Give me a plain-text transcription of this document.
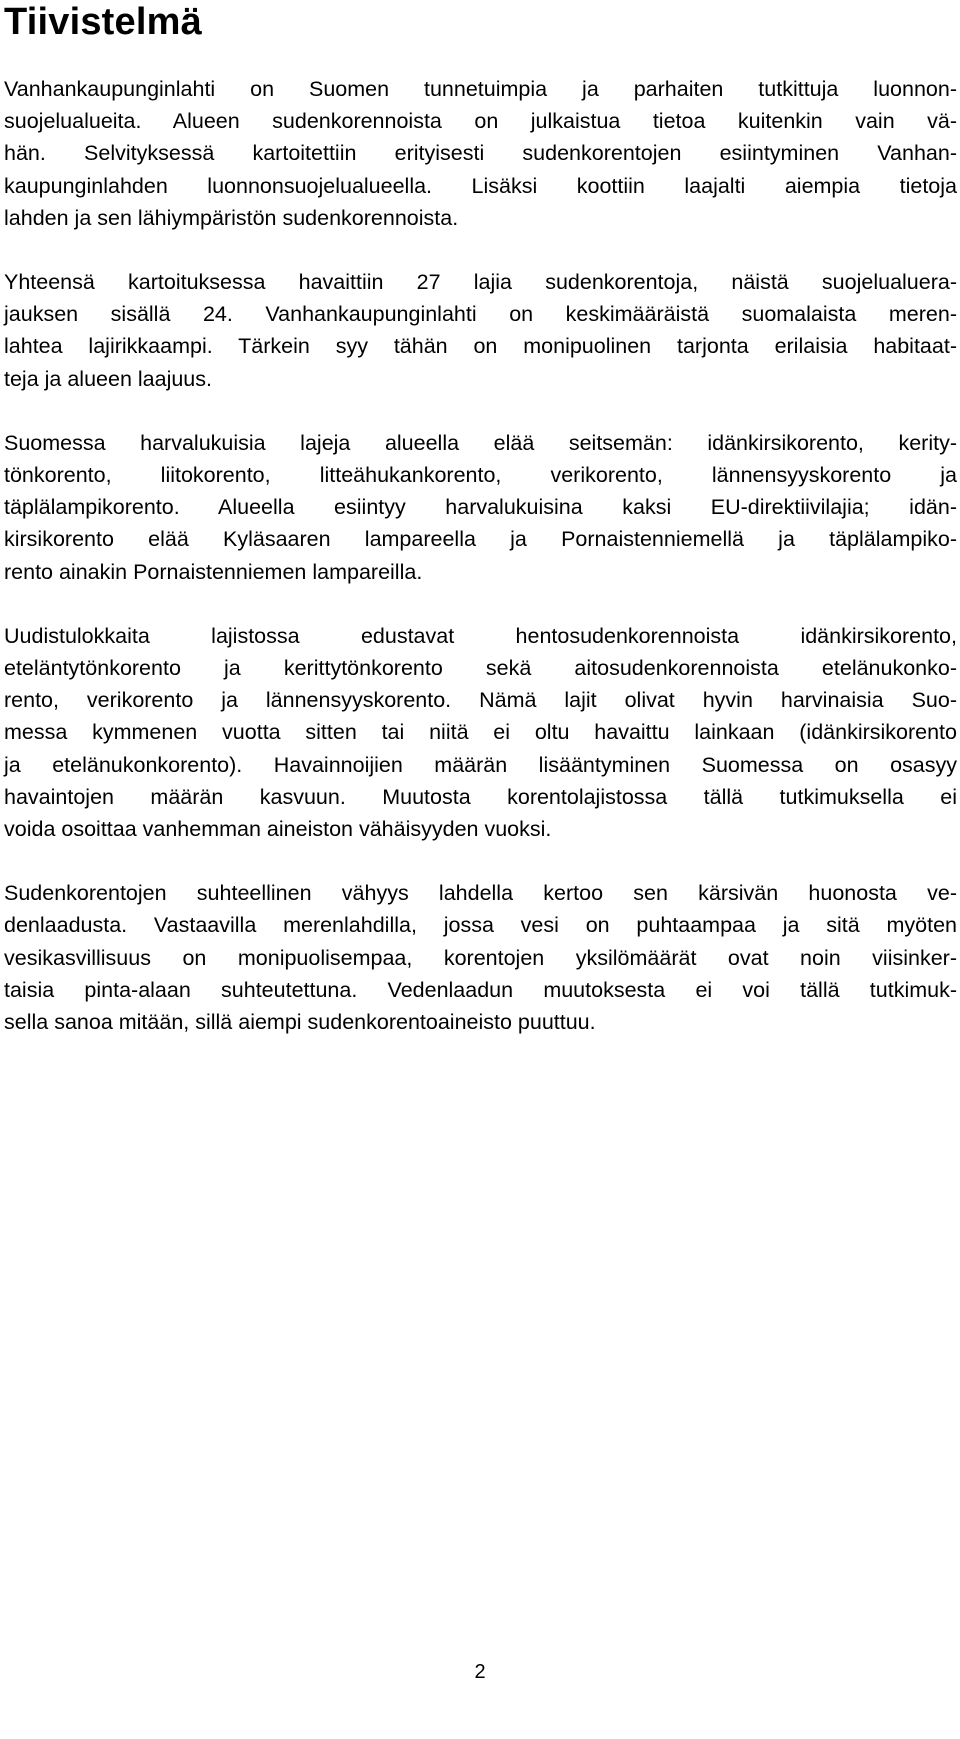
Tiivistelmä

Vanhankaupunginlahti on Suomen tunnetuimpia ja parhaiten tutkittuja luonnon-
suojelualueita. Alueen sudenkorennoista on julkaistua tietoa kuitenkin vain vä-
hän. Selvityksessä kartoitettiin erityisesti sudenkorentojen esiintyminen Vanhan-
kaupunginlahden luonnonsuojelualueella. Lisäksi koottiin laajalti aiempia tietoja
lahden ja sen lähiympäristön sudenkorennoista.

Yhteensä kartoituksessa havaittiin 27 lajia sudenkorentoja, näistä suojelualuera-
jauksen sisällä 24. Vanhankaupunginlahti on keskimääräistä suomalaista meren-
lahtea lajirikkaampi. Tärkein syy tähän on monipuolinen tarjonta erilaisia habitaat-
teja ja alueen laajuus.

Suomessa harvalukuisia lajeja alueella elää seitsemän: idänkirsikorento, kerity-
tönkorento, liitokorento, litteähukankorento, verikorento, lännensyyskorento ja
täplälampikorento. Alueella esiintyy harvalukuisina kaksi EU-direktiivilajia; idän-
kirsikorento elää Kyläsaaren lampareella ja Pornaistenniemellä ja täplälampiko-
rento ainakin Pornaistenniemen lampareilla.

Uudistulokkaita lajistossa edustavat hentosudenkorennoista idänkirsikorento,
eteläntytönkorento ja kerittytönkorento sekä aitosudenkorennoista etelänukonko-
rento, verikorento ja lännensyyskorento. Nämä lajit olivat hyvin harvinaisia Suo-
messa kymmenen vuotta sitten tai niitä ei oltu havaittu lainkaan (idänkirsikorento
ja etelänukonkorento). Havainnoijien määrän lisääntyminen Suomessa on osasyy
havaintojen määrän kasvuun. Muutosta korentolajistossa tällä tutkimuksella ei
voida osoittaa vanhemman aineiston vähäisyyden vuoksi.

Sudenkorentojen suhteellinen vähyys lahdella kertoo sen kärsivän huonosta ve-
denlaadusta. Vastaavilla merenlahdilla, jossa vesi on puhtaampaa ja sitä myöten
vesikasvillisuus on monipuolisempaa, korentojen yksilömäärät ovat noin viisinker-
taisia pinta-alaan suhteutettuna. Vedenlaadun muutoksesta ei voi tällä tutkimuk-
sella sanoa mitään, sillä aiempi sudenkorentoaineisto puuttuu.

2
